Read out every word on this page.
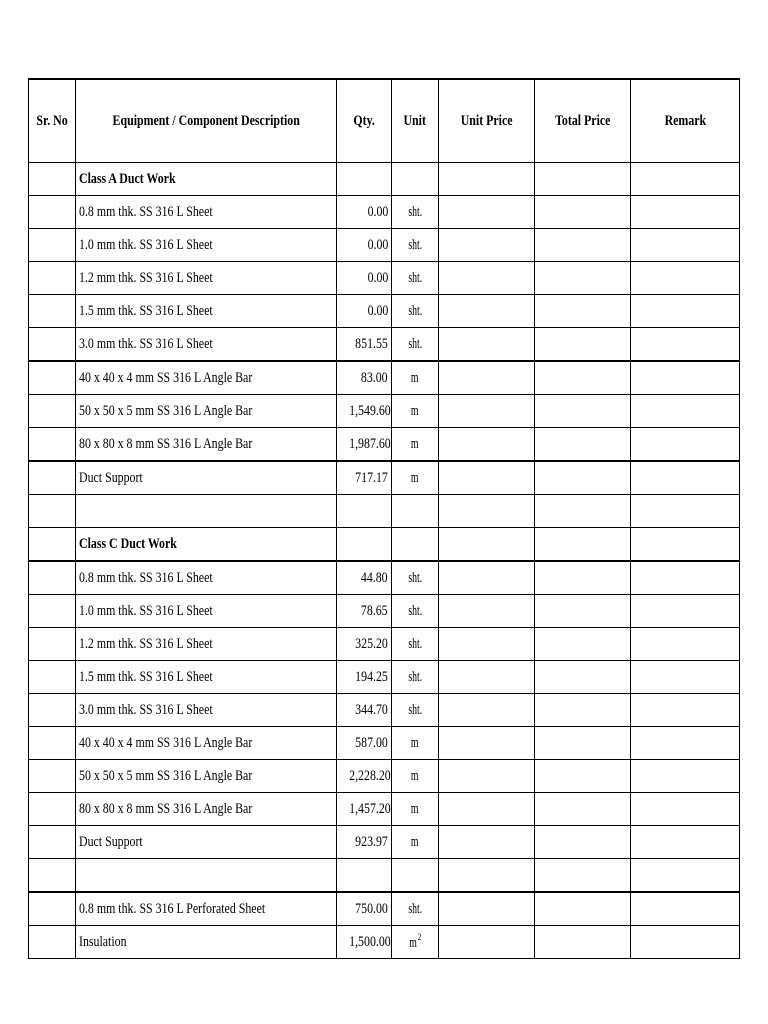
Sr. No	Equipment / Component Description	Qty.	Unit	Unit Price	Total Price	Remark
	Class A Duct Work					
	0.8 mm thk. SS 316 L Sheet	0.00	sht.			
	1.0 mm thk. SS 316 L Sheet	0.00	sht.			
	1.2 mm thk. SS 316 L Sheet	0.00	sht.			
	1.5 mm thk. SS 316 L Sheet	0.00	sht.			
	3.0 mm thk. SS 316 L Sheet	851.55	sht.			
	40 x 40 x 4 mm SS 316 L Angle Bar	83.00	m			
	50 x 50 x 5 mm SS 316 L Angle Bar	1,549.60	m			
	80 x 80 x 8 mm SS 316 L Angle Bar	1,987.60	m			
	Duct Support	717.17	m			

	Class C Duct Work					
	0.8 mm thk. SS 316 L Sheet	44.80	sht.			
	1.0 mm thk. SS 316 L Sheet	78.65	sht.			
	1.2 mm thk. SS 316 L Sheet	325.20	sht.			
	1.5 mm thk. SS 316 L Sheet	194.25	sht.			
	3.0 mm thk. SS 316 L Sheet	344.70	sht.			
	40 x 40 x 4 mm SS 316 L Angle Bar	587.00	m			
	50 x 50 x 5 mm SS 316 L Angle Bar	2,228.20	m			
	80 x 80 x 8 mm SS 316 L Angle Bar	1,457.20	m			
	Duct Support	923.97	m			

	0.8 mm thk. SS 316 L Perforated Sheet	750.00	sht.			
	Insulation	1,500.00	$m^2$			
